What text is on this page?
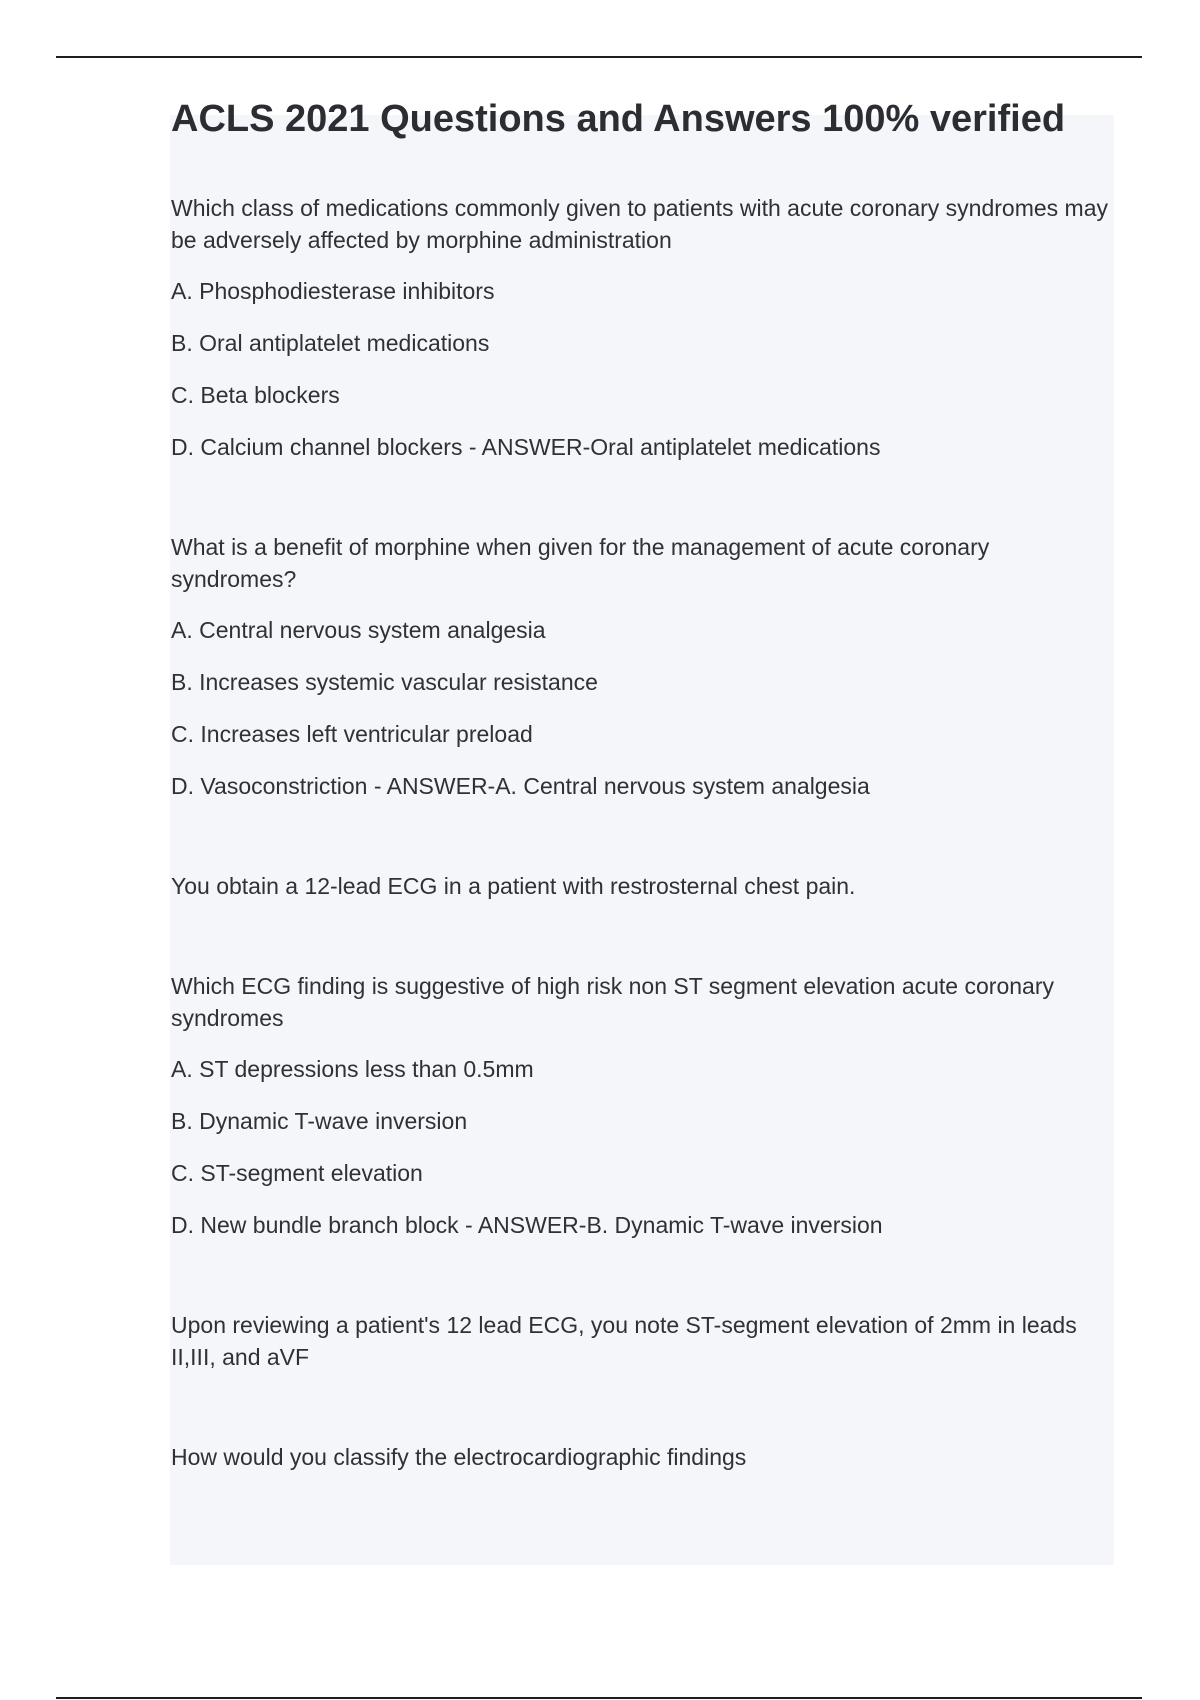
ACLS 2021 Questions and Answers 100% verified

Which class of medications commonly given to patients with acute coronary syndromes may be adversely affected by morphine administration

A. Phosphodiesterase inhibitors

B. Oral antiplatelet medications

C. Beta blockers

D. Calcium channel blockers - ANSWER-Oral antiplatelet medications

What is a benefit of morphine when given for the management of acute coronary syndromes?

A. Central nervous system analgesia

B. Increases systemic vascular resistance

C. Increases left ventricular preload

D. Vasoconstriction - ANSWER-A. Central nervous system analgesia

You obtain a 12-lead ECG in a patient with restrosternal chest pain.

Which ECG finding is suggestive of high risk non ST segment elevation acute coronary syndromes

A. ST depressions less than 0.5mm

B. Dynamic T-wave inversion

C. ST-segment elevation

D. New bundle branch block - ANSWER-B. Dynamic T-wave inversion

Upon reviewing a patient's 12 lead ECG, you note ST-segment elevation of 2mm in leads II,III, and aVF

How would you classify the electrocardiographic findings
